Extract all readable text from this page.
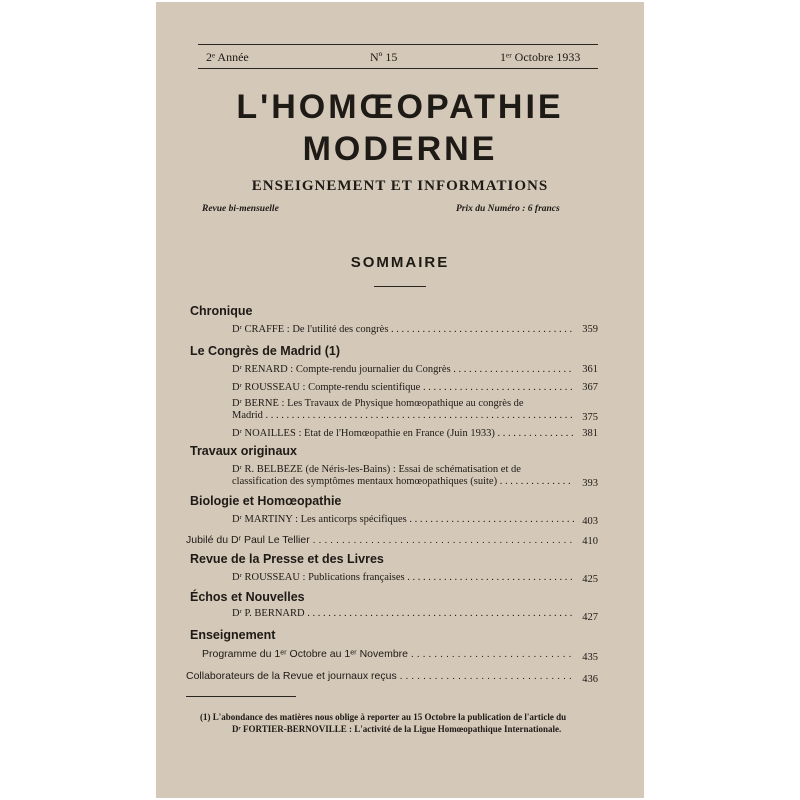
2ᵉ Année	Nº 15	1ᵉʳ Octobre 1933
L'HOMŒOPATHIE
MODERNE
ENSEIGNEMENT ET INFORMATIONS
Revue bi-mensuelle	Prix du Numéro : 6 francs
SOMMAIRE
Chronique
Dʳ CRAFFE : De l'utilité des congrès . . .	359
Le Congrès de Madrid (1)
Dʳ RENARD : Compte-rendu journalier du Congrès . . .	361
Dʳ ROUSSEAU : Compte-rendu scientifique . . .	367
Dʳ BERNÉ : Les Travaux de Physique homœopathique au congrès de
Madrid . . .	375
Dʳ NOAILLES : État de l'Homœopathie en France (Juin 1933) . . .	381
Travaux originaux
Dʳ R. BELBÈZE (de Néris-les-Bains) : Essai de schématisation et de
classification des symptômes mentaux homœopathiques (suite) . . .	393
Biologie et Homœopathie
Dʳ MARTINY : Les anticorps spécifiques . . .	403
Jubilé du Dʳ Paul Le Tellier . . .	410
Revue de la Presse et des Livres
Dʳ ROUSSEAU : Publications françaises . . .	425
Échos et Nouvelles
Dʳ P. BERNARD . . .	427
Enseignement
Programme du 1ᵉʳ Octobre au 1ᵉʳ Novembre . . .	435
Collaborateurs de la Revue et journaux reçus . . .	436
(1) L'abondance des matières nous oblige à reporter au 15 Octobre la publication de l'article du
Dʳ FORTIER-BERNOVILLE : L'activité de la Ligue Homœopathique Internationale.
